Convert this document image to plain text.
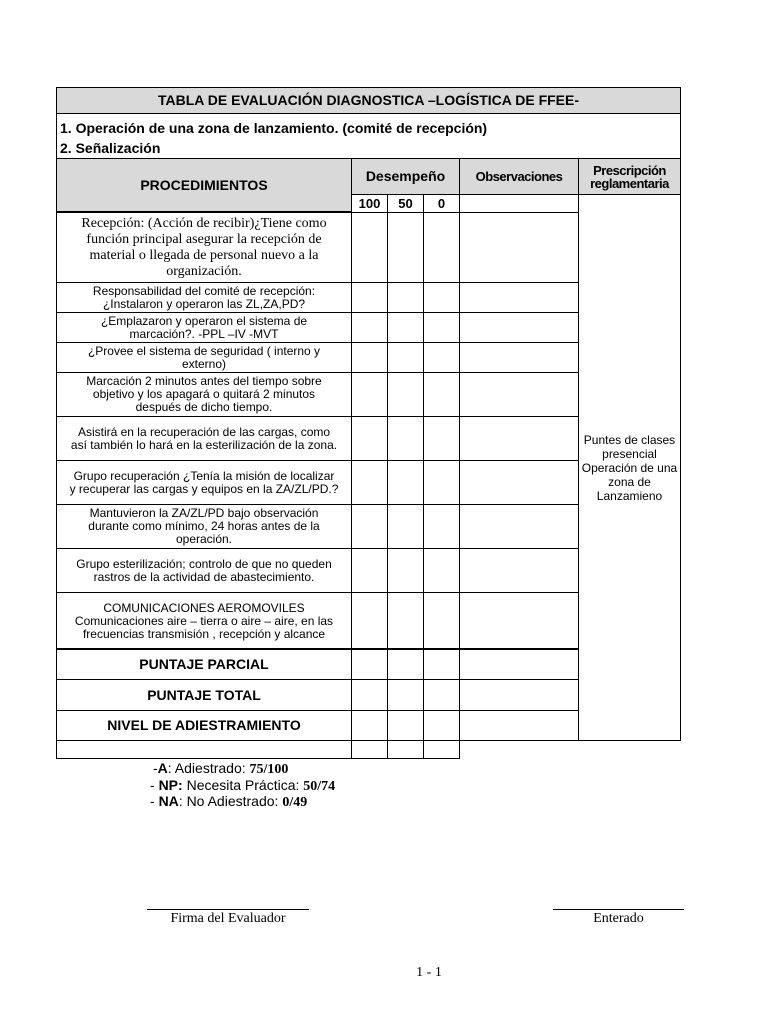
TABLA DE EVALUACIÓN DIAGNOSTICA –LOGÍSTICA DE FFEE-
1. Operación de una zona de lanzamiento. (comité de recepción)
2. Señalización
PROCEDIMIENTOS
Desempeño Observaciones	Prescripción reglamentaria
100 50 0
Puntes de clases presencial Operación de una zona de Lanzamieno
Recepción: (Acción de recibir)¿Tiene como función principal asegurar la recepción de material o llegada de personal nuevo a la organización.
Responsabilidad del comité de recepción: ¿Instalaron y operaron las ZL,ZA,PD?
¿Emplazaron y operaron el sistema de marcación?. -PPL –IV -MVT
¿Provee el sistema de seguridad ( interno y externo)
Marcación 2 minutos antes del tiempo sobre objetivo y los apagará o quitará 2 minutos después de dicho tiempo.
Asistirá en la recuperación de las cargas, como así también lo hará en la esterilización de la zona.
Grupo recuperación ¿Tenía la misión de localizar y recuperar las cargas y equipos en la ZA/ZL/PD.?
Mantuvieron la ZA/ZL/PD bajo observación durante como mínimo, 24 horas antes de la operación.
Grupo esterilización; controlo de que no queden rastros de la actividad de abastecimiento.
COMUNICACIONES AEROMOVILES Comunicaciones aire – tierra o aire – aire, en las frecuencias transmisión , recepción y alcance
PUNTAJE PARCIAL
PUNTAJE TOTAL
NIVEL DE ADIESTRAMIENTO
-A: Adiestrado: 75/100
- NP: Necesita Práctica: 50/74
- NA: No Adiestrado: 0/49
Firma del Evaluador	Enterado
1 - 1
